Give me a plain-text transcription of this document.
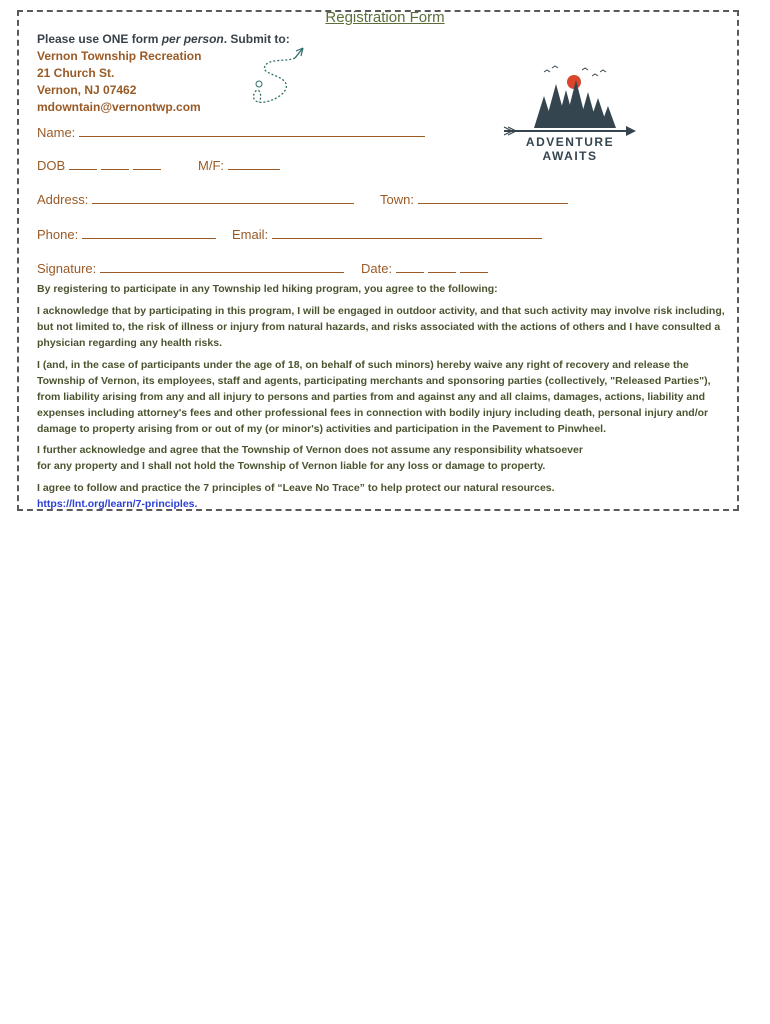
Registration Form
Please use ONE form per person. Submit to:
Vernon Township Recreation
21 Church St.
Vernon, NJ 07462
mdowntain@vernontwp.com
ADVENTURE
AWAITS
Name:
DOB	M/F:
Address:	Town:
Phone:	Email:
Signature:	Date:
By registering to participate in any Township led hiking program, you agree to the following:
I acknowledge that by participating in this program, I will be engaged in outdoor activity, and that such activity may involve risk including, but not limited to, the risk of illness or injury from natural hazards, and risks associated with the actions of others and I have consulted a physician regarding any health risks.
I (and, in the case of participants under the age of 18, on behalf of such minors) hereby waive any right of recovery and release the Township of Vernon, its employees, staff and agents, participating merchants and sponsoring parties (collectively, "Released Parties"), from liability arising from any and all injury to persons and parties from and against any and all claims, damages, actions, liability and expenses including attorney's fees and other professional fees in connection with bodily injury including death, personal injury and/or damage to property arising from or out of my (or minor's) activities and participation in the Pavement to Pinwheel.
I further acknowledge and agree that the Township of Vernon does not assume any responsibility whatsoever
for any property and I shall not hold the Township of Vernon liable for any loss or damage to property.
I agree to follow and practice the 7 principles of “Leave No Trace” to help protect our natural resources.
https://lnt.org/learn/7-principles.
